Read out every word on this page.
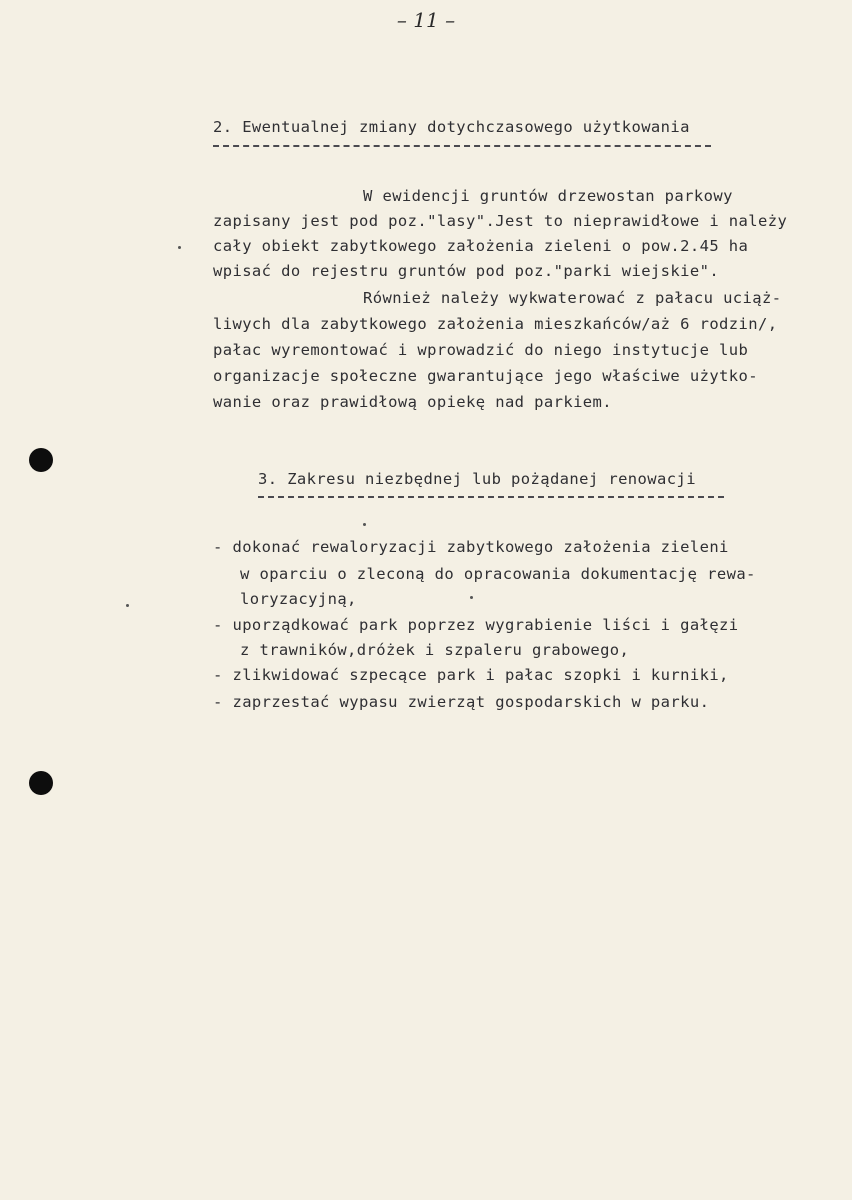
– 11 –
2. Ewentualnej zmiany dotychczasowego użytkowania
W ewidencji gruntów drzewostan parkowy
zapisany jest pod poz."lasy".Jest to nieprawidłowe i należy
cały obiekt zabytkowego założenia zieleni o pow.2.45 ha
wpisać do rejestru gruntów pod poz."parki wiejskie".
Również należy wykwaterować z pałacu uciąż-
liwych dla zabytkowego założenia mieszkańców/aż 6 rodzin/,
pałac wyremontować i wprowadzić do niego instytucje lub
organizacje społeczne gwarantujące jego właściwe użytko-
wanie oraz prawidłową opiekę nad parkiem.
3. Zakresu niezbędnej lub pożądanej renowacji
- dokonać rewaloryzacji zabytkowego założenia zieleni
w oparciu o zleconą do opracowania dokumentację rewa-
loryzacyjną,
- uporządkować park poprzez wygrabienie liści i gałęzi
z trawników,dróżek i szpaleru grabowego,
- zlikwidować szpecące park i pałac szopki i kurniki,
- zaprzestać wypasu zwierząt gospodarskich w parku.
